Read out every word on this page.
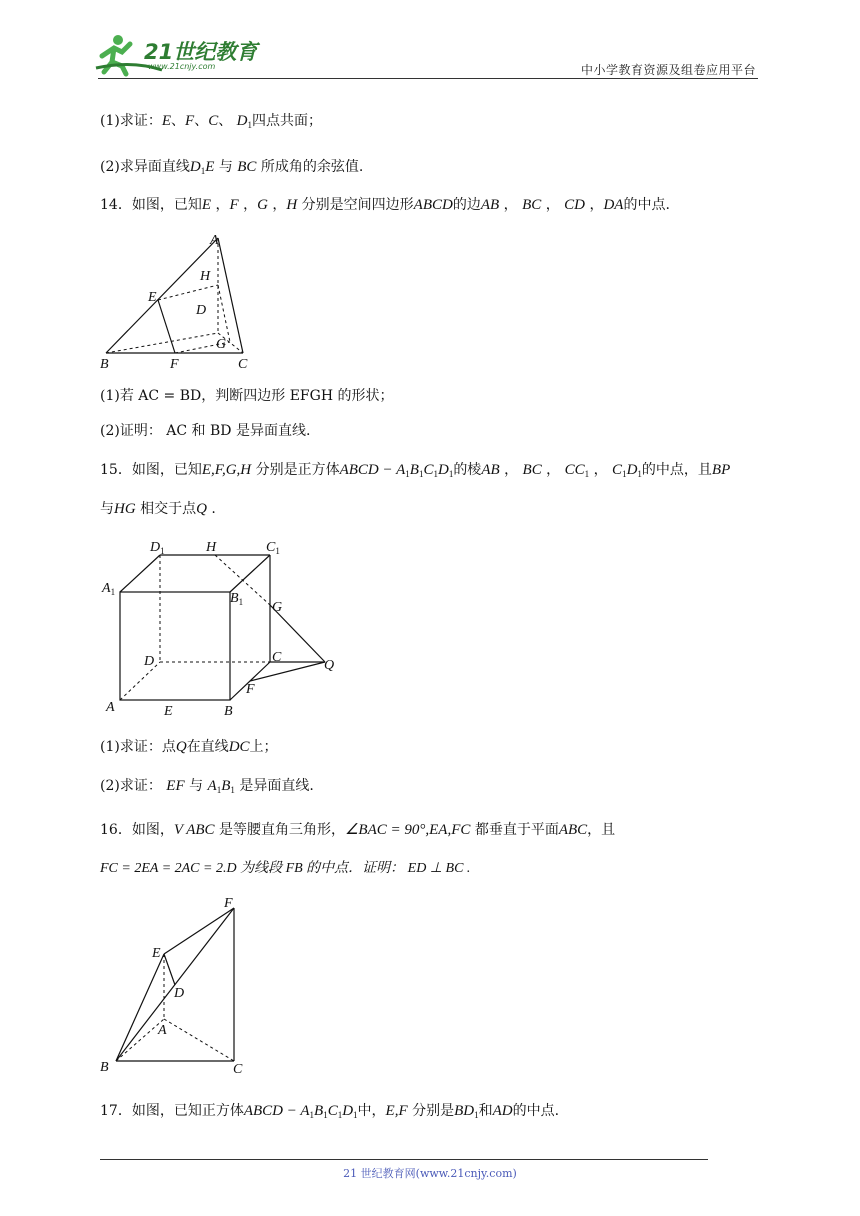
21世纪教育
www.21cnjy.com	中小学教育资源及组卷应用平台
(1)求证：E、F、C、 $D_1$四点共面；
(2)求异面直线$D_1E$ 与 BC 所成角的余弦值.
14．如图，已知E ，F ，G ，H 分别是空间四边形ABCD的边AB ， BC ， CD ，DA的中点.
A
H
E
D
G
B	F	C
(1)若 AC = BD，判断四边形 EFGH 的形状；
(2)证明： AC 和 BD 是异面直线.
15．如图，已知E,F,G,H 分别是正方体ABCD − $A_1B_1C_1D_1$的棱AB ， BC ， $CC_1$ ， $C_1D_1$的中点，且BP
与HG 相交于点Q .
$D_1$	H	$C_1$
$A_1$	$B_1$ G
D	C
Q
F
A	E	B
(1)求证：点Q在直线DC上；
(2)求证： EF 与 $A_1B_1$ 是异面直线.
16．如图，V ABC 是等腰直角三角形，∠BAC = 90°,EA,FC 都垂直于平面ABC，且
FC = 2EA = 2AC = 2.D 为线段 FB 的中点．证明： ED ⊥ BC .
F
E
D
A
B	C
17．如图，已知正方体ABCD − $A_1B_1C_1D_1$中，E,F 分别是$BD_1$和AD的中点.
21 世纪教育网(www.21cnjy.com)
